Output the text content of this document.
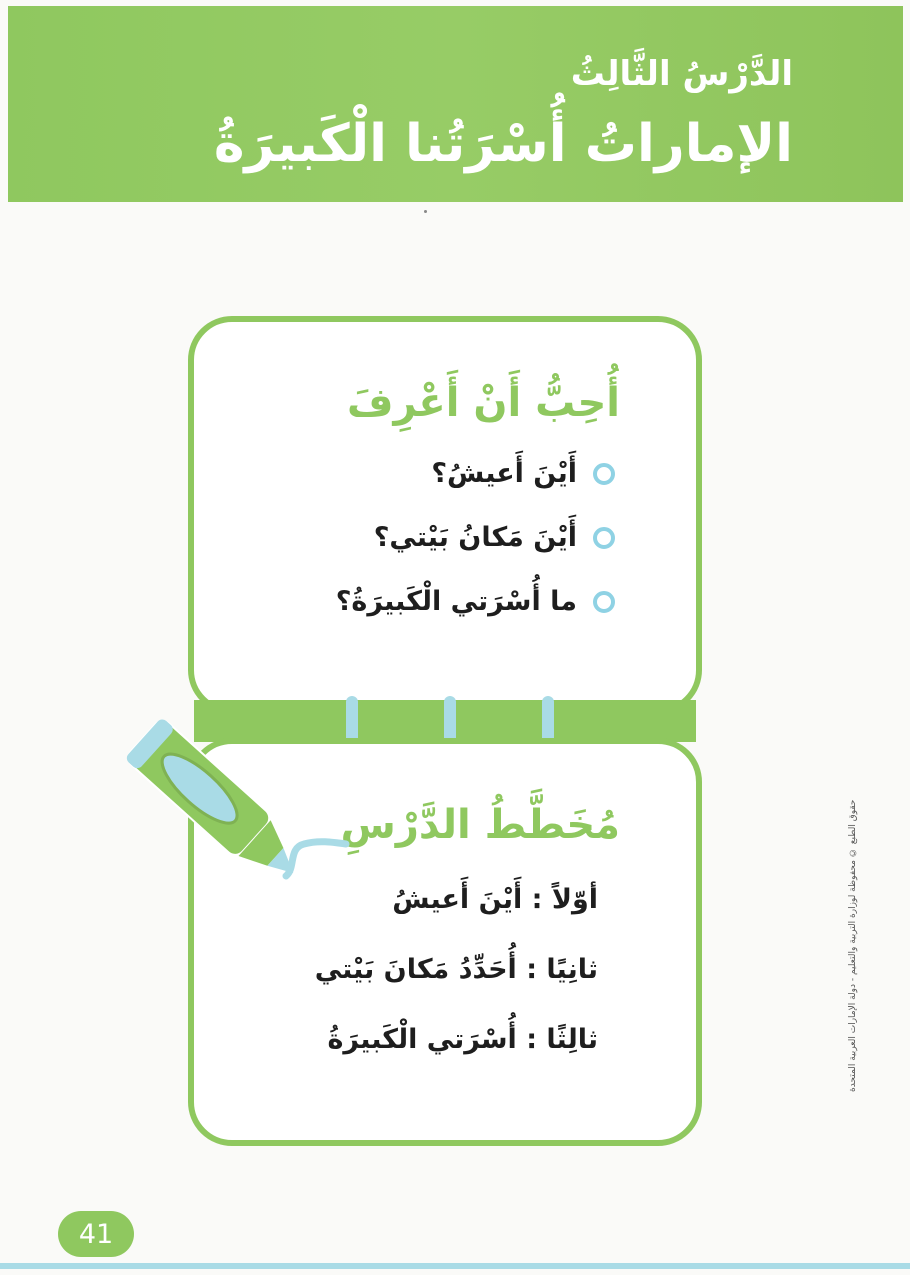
الدَّرْسُ الثَّالِثُ
الإماراتُ أُسْرَتُنا الْكَبيرَةُ
أُحِبُّ أَنْ أَعْرِفَ
أَيْنَ أَعيشُ؟
أَيْنَ مَكانُ بَيْتي؟
ما أُسْرَتي الْكَبيرَةُ؟
مُخَطَّطُ الدَّرْسِ
أوّلاً : أَيْنَ أَعيشُ
ثانِيًا : أُحَدِّدُ مَكانَ بَيْتي
ثالِثًا : أُسْرَتي الْكَبيرَةُ	حقوق الطبع © محفوظة لوزارة التربية والتعليم - دولة الإمارات العربية المتحدة
41
